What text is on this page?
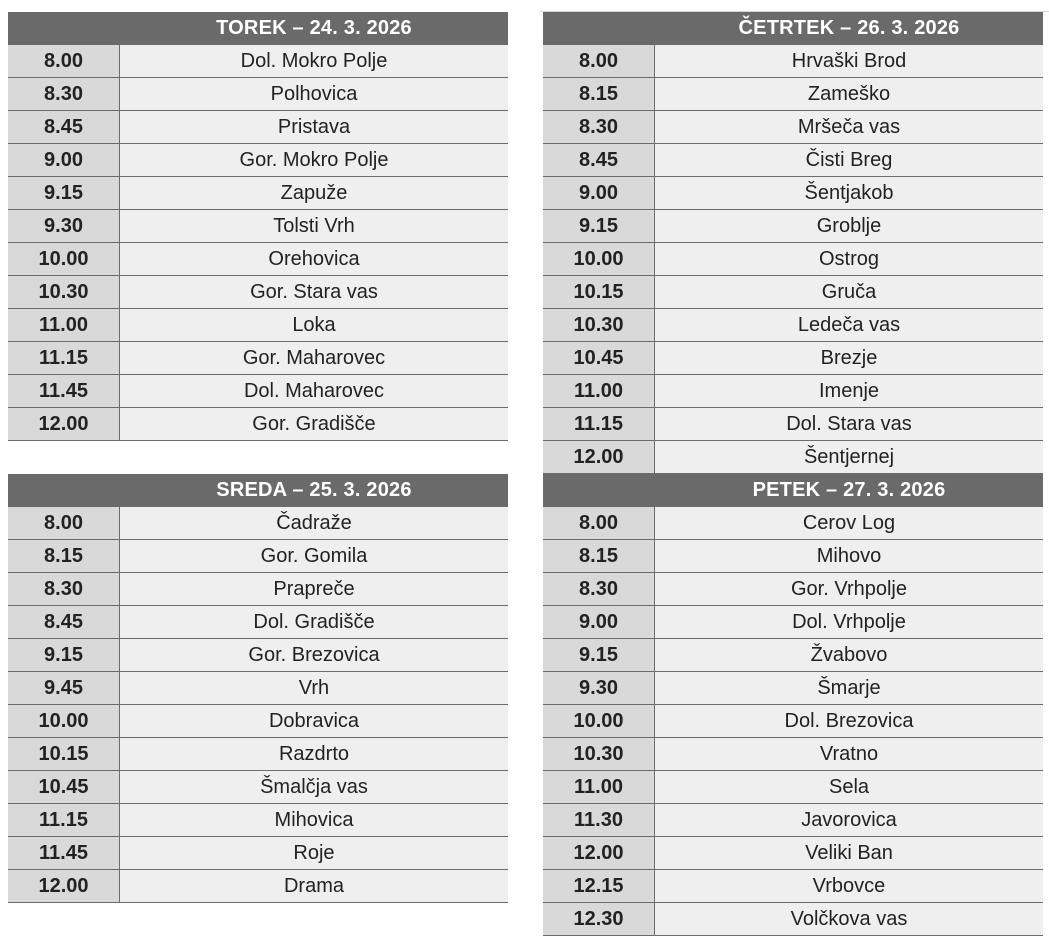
TOREK – 24. 3. 2026
8.00	Dol. Mokro Polje
8.30	Polhovica
8.45	Pristava
9.00	Gor. Mokro Polje
9.15	Zapuže
9.30	Tolsti Vrh
10.00	Orehovica
10.30	Gor. Stara vas
11.00	Loka
11.15	Gor. Maharovec
11.45	Dol. Maharovec
12.00	Gor. Gradišče
SREDA – 25. 3. 2026
8.00	Čadraže
8.15	Gor. Gomila
8.30	Prapreče
8.45	Dol. Gradišče
9.15	Gor. Brezovica
9.45	Vrh
10.00	Dobravica
10.15	Razdrto
10.45	Šmalčja vas
11.15	Mihovica
11.45	Roje
12.00	Drama
ČETRTEK – 26. 3. 2026
8.00	Hrvaški Brod
8.15	Zameško
8.30	Mršeča vas
8.45	Čisti Breg
9.00	Šentjakob
9.15	Groblje
10.00	Ostrog
10.15	Gruča
10.30	Ledeča vas
10.45	Brezje
11.00	Imenje
11.15	Dol. Stara vas
12.00	Šentjernej
PETEK – 27. 3. 2026
8.00	Cerov Log
8.15	Mihovo
8.30	Gor. Vrhpolje
9.00	Dol. Vrhpolje
9.15	Žvabovo
9.30	Šmarje
10.00	Dol. Brezovica
10.30	Vratno
11.00	Sela
11.30	Javorovica
12.00	Veliki Ban
12.15	Vrbovce
12.30	Volčkova vas
